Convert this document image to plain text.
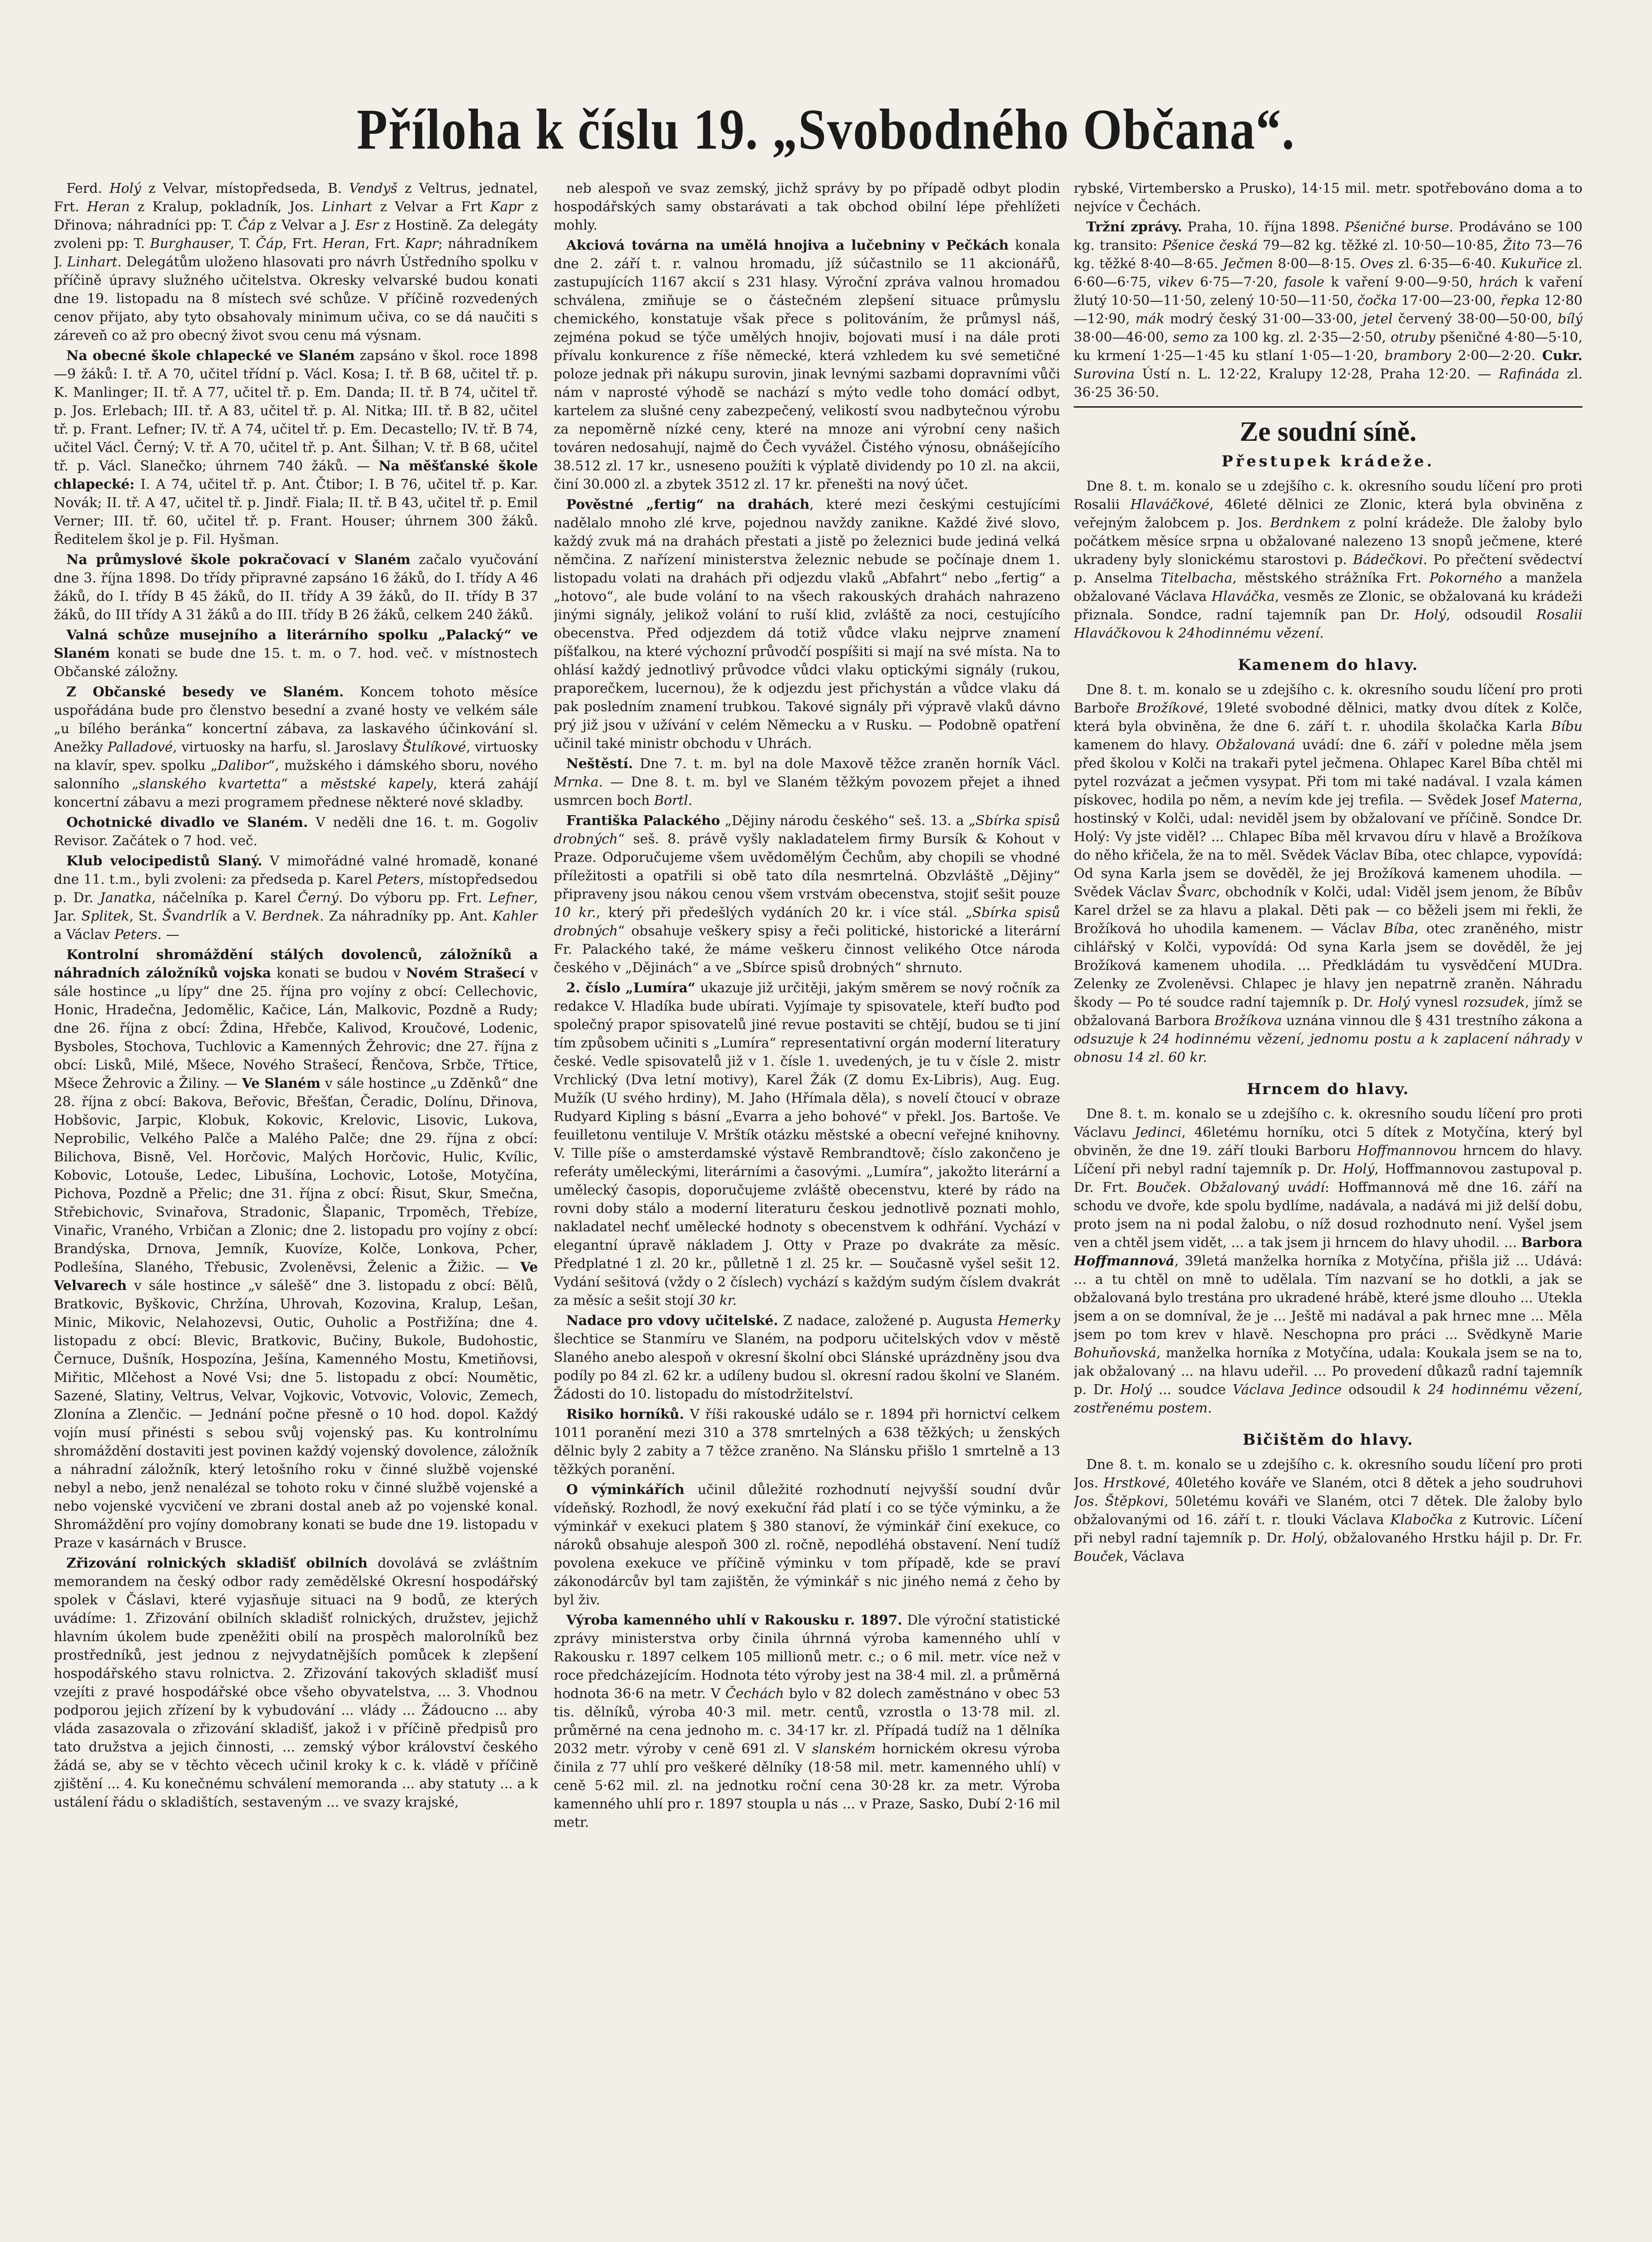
Příloha k číslu 19. „Svobodného Občana“.

Ferd. Holý z Velvar, místopředseda, B. Vendyš z Veltrus, jednatel, Frt. Heran z Kralup, pokladník, Jos. Linhart z Velvar a Frt Kapr z Dřinova; náhradníci pp: T. Čáp z Velvar a J. Esr z Hostině. Za delegáty zvoleni pp: T. Burghauser, T. Čáp, Frt. Heran, Frt. Kapr; náhradníkem J. Linhart. Delegátům uloženo hlasovati pro návrh Ústředního spolku v příčině úpravy služného učitelstva. Okresky velvarské budou konati dne 19. listopadu na 8 místech své schůze. V příčině rozvedených cenov přijato, aby tyto obsahovaly minimum učiva, co se dá naučiti s záreveň co až pro obecný život svou cenu má výsnam.

Na obecné škole chlapecké ve Slaném zapsáno v škol. roce 1898—9 žáků: I. tř. A 70, učitel třídní p. Václ. Kosa; I. tř. B 68, učitel tř. p. K. Manlinger; II. tř. A 77, učitel tř. p. Em. Danda; II. tř. B 74, učitel tř. p. Jos. Erlebach; III. tř. A 83, učitel tř. p. Al. Nitka; III. tř. B 82, učitel tř. p. Frant. Lefner; IV. tř. A 74, učitel tř. p. Em. Decastello; IV. tř. B 74, učitel Václ. Černý; V. tř. A 70, učitel tř. p. Ant. Šilhan; V. tř. B 68, učitel tř. p. Václ. Slanečko; úhrnem 740 žáků. — Na měšťanské škole chlapecké: I. A 74, učitel tř. p. Ant. Čtibor; I. B 76, učitel tř. p. Kar. Novák; II. tř. A 47, učitel tř. p. Jindř. Fiala; II. tř. B 43, učitel tř. p. Emil Verner; III. tř. 60, učitel tř. p. Frant. Houser; úhrnem 300 žáků. Ředitelem škol je p. Fil. Hyšman.

Na průmyslové škole pokračovací v Slaném začalo vyučování dne 3. října 1898. Do třídy připravné zapsáno 16 žáků, do I. třídy A 46 žáků, do I. třídy B 45 žáků, do II. třídy A 39 žáků, do II. třídy B 37 žáků, do III třídy A 31 žáků a do III. třídy B 26 žáků, celkem 240 žáků.

Valná schůze musejního a literárního spolku „Palacký“ ve Slaném konati se bude dne 15. t. m. o 7. hod. več. v místnostech Občanské záložny.

Z Občanské besedy ve Slaném. Koncem tohoto měsíce uspořádána bude pro členstvo besední a zvané hosty ve velkém sále „u bílého beránka“ koncertní zábava, za laskavého účinkování sl. Anežky Palladové, virtuosky na harfu, sl. Jaroslavy Štulíkové, virtuosky na klavír, spev. spolku „Dalibor“, mužského i dámského sboru, nového salonního „slanského kvartetta“ a městské kapely, která zahájí koncertní zábavu a mezi programem přednese některé nové skladby.

Ochotnické divadlo ve Slaném. V neděli dne 16. t. m. Gogoliv Revisor. Začátek o 7 hod. več.

Klub velocipedistů Slaný. V mimořádné valné hromadě, konané dne 11. t.m., byli zvoleni: za předseda p. Karel Peters, místopředsedou p. Dr. Janatka, náčelníka p. Karel Černý. Do výboru pp. Frt. Lefner, Jar. Splitek, St. Švandrlík a V. Berdnek. Za náhradníky pp. Ant. Kahler a Václav Peters. —

Kontrolní shromáždění stálých dovolenců, záložníků a náhradních záložníků vojska konati se budou v Novém Strašecí v sále hostince „u lípy“ dne 25. října pro vojíny z obcí: Cellechovic, Honic, Hradečna, Jedomělic, Kačice, Lán, Malkovic, Pozdně a Rudy; dne 26. října z obcí: Ždina, Hřebče, Kalivod, Kroučové, Lodenic, Bysboles, Stochova, Tuchlovic a Kamenných Žehrovic; dne 27. října z obcí: Lisků, Milé, Mšece, Nového Strašecí, Řenčova, Srbče, Třtice, Mšece Žehrovic a Žiliny. — Ve Slaném v sále hostince „u Zděnků“ dne 28. října z obcí: Bakova, Beřovic, Břešťan, Čeradic, Dolínu, Dřinova, Hobšovic, Jarpic, Klobuk, Kokovic, Krelovic, Lisovic, Lukova, Neprobilic, Velkého Palče a Malého Palče; dne 29. října z obcí: Bilichova, Bisně, Vel. Horčovic, Malých Horčovic, Hulic, Kvílic, Kobovic, Lotouše, Ledec, Libušína, Lochovic, Lotoše, Motyčína, Pichova, Pozdně a Přelic; dne 31. října z obcí: Řisut, Skur, Smečna, Střebichovic, Svinařova, Stradonic, Šlapanic, Trpoměch, Třebíze, Vinařic, Vraného, Vrbičan a Zlonic; dne 2. listopadu pro vojíny z obcí: Brandýska, Drnova, Jemník, Kuovíze, Kolče, Lonkova, Pcher, Podlešína, Slaného, Třebusic, Zvoleněvsi, Želenic a Žižic. — Ve Velvarech v sále hostince „v sálešě“ dne 3. listopadu z obcí: Bělů, Bratkovic, Byškovic, Chržína, Uhrovah, Kozovina, Kralup, Lešan, Minic, Mikovic, Nelahozevsi, Outic, Ouholic a Postřižína; dne 4. listopadu z obcí: Blevic, Bratkovic, Bučiny, Bukole, Budohostic, Černuce, Dušník, Hospozína, Ješína, Kamenného Mostu, Kmetiňovsi, Miřitic, Mlčehost a Nové Vsi; dne 5. listopadu z obcí: Noumětic, Sazené, Slatiny, Veltrus, Velvar, Vojkovic, Votvovic, Volovic, Zemech, Zlonína a Zlenčic. — Jednání počne přesně o 10 hod. dopol. Každý vojín musí přinésti s sebou svůj vojenský pas. Ku kontrolnímu shromáždění dostaviti jest povinen každý vojenský dovolence, záložník a náhradní záložník, který letošního roku v činné službě vojenské nebyl a nebo, jenž nenalézal se tohoto roku v činné službě vojenské a nebo vojenské vycvičení ve zbrani dostal aneb až po vojenské konal. Shromáždění pro vojíny domobrany konati se bude dne 19. listopadu v Praze v kasárnách v Brusce.

Zřizování rolnických skladišť obilních dovolává se zvláštním memorandem na český odbor rady zemědělské Okresní hospodářský spolek v Čáslavi, které vyjasňuje situaci na 9 bodů, ze kterých uvádíme: 1. Zřizování obilních skladišť rolnických, družstev, jejichž hlavním úkolem bude zpeněžiti obilí na prospěch malorolníků bez prostředníků, jest jednou z nejvydatnějších pomůcek k zlepšení hospodářského stavu rolnictva. 2. Zřizování takových skladišť musí vzejíti z pravé hospodářské obce všeho obyvatelstva, ... 3. Vhodnou podporou jejich zřízení by k vybudování ... vlády ... Žádoucno ... aby vláda zasazovala o zřizování skladišť, jakož i v příčině předpisů pro tato družstva a jejich činnosti, ... zemský výbor království českého žádá se, aby se v těchto věcech učinil kroky k c. k. vládě v příčině zjištění ... 4. Ku konečnému schválení memoranda ... aby statuty ... a k ustálení řádu o skladištích, sestaveným ... ve svazy krajské,

neb alespoň ve svaz zemský, jichž správy by po případě odbyt plodin hospodářských samy obstarávati a tak obchod obilní lépe přehlížeti mohly.

Akciová továrna na umělá hnojiva a lučebniny v Pečkách konala dne 2. září t. r. valnou hromadu, jíž súčastnilo se 11 akcionářů, zastupujících 1167 akcií s 231 hlasy. Výroční zpráva valnou hromadou schválena, zmiňuje se o částečném zlepšení situace průmyslu chemického, konstatuje však přece s politováním, že průmysl náš, zejména pokud se týče umělých hnojiv, bojovati musí i na dále proti přívalu konkurence z říše německé, která vzhledem ku své semetičné poloze jednak při nákupu surovin, jinak levnými sazbami dopravními vůči nám v naprosté výhodě se nachází s mýto vedle toho domácí odbyt, kartelem za slušné ceny zabezpečený, velikostí svou nadbytečnou výrobu za nepoměrně nízké ceny, které na mnoze ani výrobní ceny našich továren nedosahují, najmě do Čech vyvážel. Čistého výnosu, obnášejícího 38.512 zl. 17 kr., usneseno použíti k výplatě dividendy po 10 zl. na akcii, činí 30.000 zl. a zbytek 3512 zl. 17 kr. přenešti na nový účet.

Pověstné „fertig“ na drahách, které mezi českými cestujícími nadělalo mnoho zlé krve, pojednou navždy zanikne. Každé živé slovo, každý zvuk má na drahách přestati a jistě po železnici bude jediná velká němčina. Z nařízení ministerstva železnic nebude se počínaje dnem 1. listopadu volati na drahách při odjezdu vlaků „Abfahrt“ nebo „fertig“ a „hotovo“, ale bude volání to na všech rakouských drahách nahrazeno jinými signály, jelikož volání to ruší klid, zvláště za noci, cestujícího obecenstva. Před odjezdem dá totiž vůdce vlaku nejprve znamení píšťalkou, na které výchozní průvodčí pospíšiti si mají na své místa. Na to ohlásí každý jednotlivý průvodce vůdci vlaku optickými signály (rukou, praporečkem, lucernou), že k odjezdu jest přichystán a vůdce vlaku dá pak posledním znamení trubkou. Takové signály při výpravě vlaků dávno prý již jsou v užívání v celém Německu a v Rusku. — Podobně opatření učinil také ministr obchodu v Uhrách.

Neštěstí. Dne 7. t. m. byl na dole Maxově těžce zraněn horník Václ. Mrnka. — Dne 8. t. m. byl ve Slaném těžkým povozem přejet a ihned usmrcen boch Bortl.

Františka Palackého „Dějiny národu českého“ seš. 13. a „Sbírka spisů drobných“ seš. 8. právě vyšly nakladatelem firmy Bursík & Kohout v Praze. Odporučujeme všem uvědomělým Čechům, aby chopili se vhodné příležitosti a opatřili si obě tato díla nesmrtelná. Obzvláště „Dějiny“ připraveny jsou nákou cenou všem vrstvám obecenstva, stojiť sešit pouze 10 kr., který při předešlých vydáních 20 kr. i více stál. „Sbírka spisů drobných“ obsahuje veškery spisy a řeči politické, historické a literární Fr. Palackého také, že máme veškeru činnost velikého Otce národa českého v „Dějinách“ a ve „Sbírce spisů drobných“ shrnuto.

2. číslo „Lumíra“ ukazuje již určitěji, jakým směrem se nový ročník za redakce V. Hladíka bude ubírati. Vyjímaje ty spisovatele, kteří buďto pod společný prapor spisovatelů jiné revue postaviti se chtějí, budou se ti jiní tím způsobem učiniti s „Lumíra“ representativní orgán moderní literatury české. Vedle spisovatelů již v 1. čísle 1. uvedených, je tu v čísle 2. mistr Vrchlický (Dva letní motivy), Karel Žák (Z domu Ex-Libris), Aug. Eug. Mužík (U svého hrdiny), M. Jaho (Hřímala děla), s novelí čtoucí v obraze Rudyard Kipling s básní „Evarra a jeho bohové“ v překl. Jos. Bartoše. Ve feuilletonu ventiluje V. Mrštík otázku městské a obecní veřejné knihovny. V. Tille píše o amsterdamské výstavě Rembrandtově; číslo zakončeno je referáty uměleckými, literárními a časovými. „Lumíra“, jakožto literární a umělecký časopis, doporučujeme zvláště obecenstvu, které by rádo na rovni doby stálo a moderní literaturu českou jednotlivě poznati mohlo, nakladatel nechť umělecké hodnoty s obecenstvem k odhřání. Vychází v elegantní úpravě nákladem J. Otty v Praze po dvakráte za měsíc. Předplatné 1 zl. 20 kr., půlletně 1 zl. 25 kr. — Současně vyšel sešit 12. Vydání sešitová (vždy o 2 číslech) vychází s každým sudým číslem dvakrát za měsíc a sešit stojí 30 kr.

Nadace pro vdovy učitelské. Z nadace, založené p. Augusta Hemerky šlechtice se Stanmíru ve Slaném, na podporu učitelských vdov v městě Slaného anebo alespoň v okresní školní obci Slánské uprázdněny jsou dva podíly po 84 zl. 62 kr. a udíleny budou sl. okresní radou školní ve Slaném. Žádosti do 10. listopadu do místodržitelství.

Risiko horníků. V říši rakouské událo se r. 1894 při hornictví celkem 1011 poranění mezi 310 a 378 smrtelných a 638 těžkých; u ženských dělnic byly 2 zabity a 7 těžce zraněno. Na Slánsku přišlo 1 smrtelně a 13 těžkých poranění.

O výminkářích učinil důležité rozhodnutí nejvyšší soudní dvůr vídeňský. Rozhodl, že nový exekuční řád platí i co se týče výminku, a že výminkář v exekuci platem § 380 stanoví, že výminkář činí exekuce, co nároků obsahuje alespoň 300 zl. ročně, nepodléhá obstavení. Není tudíž povolena exekuce ve příčině výminku v tom případě, kde se praví zákonodárcův byl tam zajištěn, že výminkář s nic jiného nemá z čeho by byl živ.

Výroba kamenného uhlí v Rakousku r. 1897. Dle výroční statistické zprávy ministerstva orby činila úhrnná výroba kamenného uhlí v Rakousku r. 1897 celkem 105 millionů metr. c.; o 6 mil. metr. více než v roce předcházejícím. Hodnota této výroby jest na 38·4 mil. zl. a průměrná hodnota 36·6 na metr. V Čechách bylo v 82 dolech zaměstnáno v obec 53 tis. dělníků, výroba 40·3 mil. metr. centů, vzrostla o 13·78 mil. zl. průměrné na cena jednoho m. c. 34·17 kr. zl. Případá tudíž na 1 dělníka 2032 metr. výroby v ceně 691 zl. V slanském hornickém okresu výroba činila z 77 uhlí pro veškeré dělníky (18·58 mil. metr. kamenného uhlí) v ceně 5·62 mil. zl. na jednotku roční cena 30·28 kr. za metr. Výroba kamenného uhlí pro r. 1897 stoupla u nás ... v Praze, Sasko, Dubí 2·16 mil metr.

rybské, Virtembersko a Prusko), 14·15 mil. metr. spotřebováno doma a to nejvíce v Čechách.

Tržní zprávy. Praha, 10. října 1898. Pšeničné burse. Prodáváno se 100 kg. transito: Pšenice česká 79—82 kg. těžké zl. 10·50—10·85, Žito 73—76 kg. těžké 8·40—8·65. Ječmen 8·00—8·15. Oves zl. 6·35—6·40. Kukuřice zl. 6·60—6·75, vikev 6·75—7·20, fasole k vaření 9·00—9·50, hrách k vaření žlutý 10·50—11·50, zelený 10·50—11·50, čočka 17·00—23·00, řepka 12·80—12·90, mák modrý český 31·00—33·00, jetel červený 38·00—50·00, bílý 38·00—46·00, semo za 100 kg. zl. 2·35—2·50, otruby pšeničné 4·80—5·10, ku krmení 1·25—1·45 ku stlaní 1·05—1·20, brambory 2·00—2·20. Cukr. Surovina Ústí n. L. 12·22, Kralupy 12·28, Praha 12·20. — Rafináda zl. 36·25 36·50.

Ze soudní síně.
Přestupek krádeže.

Dne 8. t. m. konalo se u zdejšího c. k. okresního soudu líčení pro proti Rosalii Hlaváčkové, 46leté dělnici ze Zlonic, která byla obviněna z veřejným žalobcem p. Jos. Berdnkem z polní krádeže. Dle žaloby bylo počátkem měsíce srpna u obžalované nalezeno 13 snopů ječmene, které ukradeny byly slonickému starostovi p. Bádečkovi. Po přečtení svědectví p. Anselma Titelbacha, městského strážníka Frt. Pokorného a manžela obžalované Václava Hlaváčka, vesměs ze Zlonic, se obžalovaná ku krádeži přiznala. Sondce, radní tajemník pan Dr. Holý, odsoudil Rosalii Hlaváčkovou k 24hodinnému vězení.

Kamenem do hlavy.

Dne 8. t. m. konalo se u zdejšího c. k. okresního soudu líčení pro proti Barboře Brožíkové, 19leté svobodné dělnici, matky dvou dítek z Kolče, která byla obviněna, že dne 6. září t. r. uhodila školačka Karla Bíbu kamenem do hlavy. Obžalovaná uvádí: dne 6. září v poledne měla jsem před školou v Kolči na trakaři pytel ječmena. Ohlapec Karel Bíba chtěl mi pytel rozvázat a ječmen vysypat. Při tom mi také nadával. I vzala kámen pískovec, hodila po něm, a nevím kde jej trefila. — Svědek Josef Materna, hostinský v Kolči, udal: neviděl jsem by obžalovaní ve příčině. Sondce Dr. Holý: Vy jste viděl? ... Chlapec Bíba měl krvavou díru v hlavě a Brožíkova do něho křičela, že na to měl. Svědek Václav Bíba, otec chlapce, vypovídá: Od syna Karla jsem se dověděl, že jej Brožíková kamenem uhodila. — Svědek Václav Švarc, obchodník v Kolči, udal: Viděl jsem jenom, že Bíbův Karel držel se za hlavu a plakal. Děti pak — co běželi jsem mi řekli, že Brožíková ho uhodila kamenem. — Václav Bíba, otec zraněného, mistr cihlářský v Kolči, vypovídá: Od syna Karla jsem se dověděl, že jej Brožíková kamenem uhodila. ... Předkládám tu vysvědčení MUDra. Zelenky ze Zvoleněvsi. Chlapec je hlavy jen nepatrně zraněn. Náhradu škody — Po té soudce radní tajemník p. Dr. Holý vynesl rozsudek, jímž se obžalovaná Barbora Brožíkova uznána vinnou dle § 431 trestního zákona a odsuzuje k 24 hodinnému vězení, jednomu postu a k zaplacení náhrady v obnosu 14 zl. 60 kr.

Hrncem do hlavy.

Dne 8. t. m. konalo se u zdejšího c. k. okresního soudu líčení pro proti Václavu Jedinci, 46letému horníku, otci 5 dítek z Motyčína, který byl obviněn, že dne 19. září tlouki Barboru Hoffmannovou hrncem do hlavy. Líčení při nebyl radní tajemník p. Dr. Holý, Hoffmannovou zastupoval p. Dr. Frt. Bouček. Obžalovaný uvádí: Hoffmannová mě dne 16. září na schodu ve dvoře, kde spolu bydlíme, nadávala, a nadává mi již delší dobu, proto jsem na ni podal žalobu, o níž dosud rozhodnuto není. Vyšel jsem ven a chtěl jsem vidět, ... a tak jsem ji hrncem do hlavy uhodil. ... Barbora Hoffmannová, 39letá manželka horníka z Motyčína, přišla již ... Udává: ... a tu chtěl on mně to udělala. Tím nazvaní se ho dotkli, a jak se obžalovaná bylo trestána pro ukradené hrábě, které jsme dlouho ... Utekla jsem a on se domníval, že je ... Ještě mi nadával a pak hrnec mne ... Měla jsem po tom krev v hlavě. Neschopna pro práci ... Svědkyně Marie Bohuňovská, manželka horníka z Motyčína, udala: Koukala jsem se na to, jak obžalovaný ... na hlavu udeřil. ... Po provedení důkazů radní tajemník p. Dr. Holý ... soudce Václava Jedince odsoudil k 24 hodinnému vězení, zostřenému postem.

Bičištěm do hlavy.

Dne 8. t. m. konalo se u zdejšího c. k. okresního soudu líčení pro proti Jos. Hrstkové, 40letého kováře ve Slaném, otci 8 dětek a jeho soudruhovi Jos. Štěpkovi, 50letému kováři ve Slaném, otci 7 dětek. Dle žaloby bylo obžalovanými od 16. září t. r. tlouki Václava Klabočka z Kutrovic. Líčení při nebyl radní tajemník p. Dr. Holý, obžalovaného Hrstku hájil p. Dr. Fr. Bouček, Václava
